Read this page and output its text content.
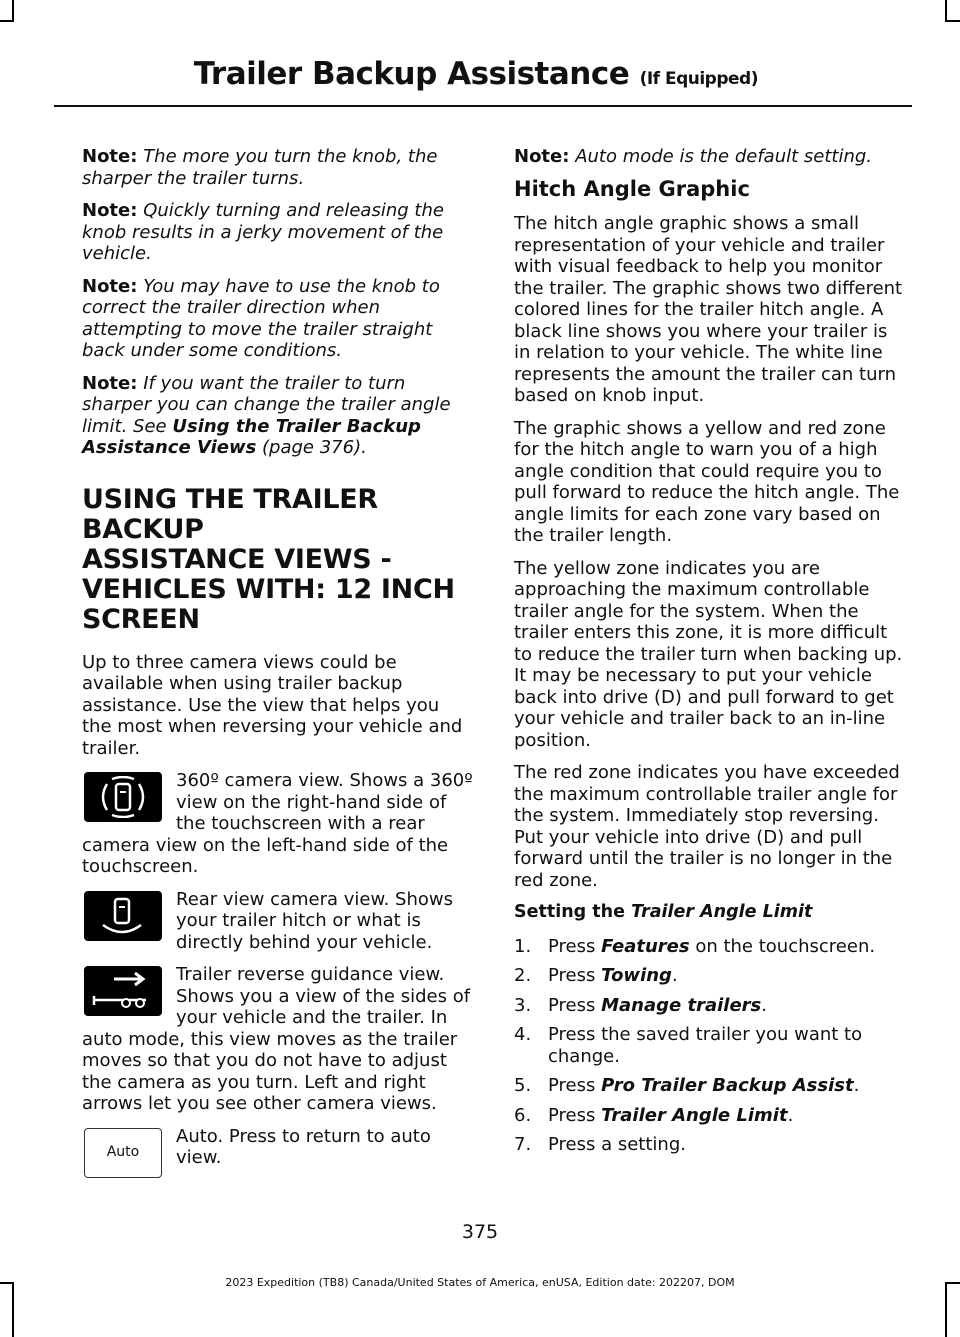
Trailer Backup Assistance (If Equipped)

Note: The more you turn the knob, the sharper the trailer turns.

Note: Quickly turning and releasing the knob results in a jerky movement of the vehicle.

Note: You may have to use the knob to correct the trailer direction when attempting to move the trailer straight back under some conditions.

Note: If you want the trailer to turn sharper you can change the trailer angle limit. See Using the Trailer Backup Assistance Views (page 376).

USING THE TRAILER BACKUP
ASSISTANCE VIEWS -
VEHICLES WITH: 12 INCH
SCREEN

Up to three camera views could be available when using trailer backup assistance. Use the view that helps you the most when reversing your vehicle and trailer.

360º camera view. Shows a 360º view on the right-hand side of the touchscreen with a rear camera view on the left-hand side of the touchscreen.
Rear view camera view. Shows your trailer hitch or what is directly behind your vehicle.
Trailer reverse guidance view. Shows you a view of the sides of your vehicle and the trailer. In auto mode, this view moves as the trailer moves so that you do not have to adjust the camera as you turn. Left and right arrows let you see other camera views.
Auto
Auto. Press to return to auto view.

Note: Auto mode is the default setting.

Hitch Angle Graphic

The hitch angle graphic shows a small representation of your vehicle and trailer with visual feedback to help you monitor the trailer. The graphic shows two different colored lines for the trailer hitch angle. A black line shows you where your trailer is in relation to your vehicle. The white line represents the amount the trailer can turn based on knob input.

The graphic shows a yellow and red zone for the hitch angle to warn you of a high angle condition that could require you to pull forward to reduce the hitch angle. The angle limits for each zone vary based on the trailer length.

The yellow zone indicates you are approaching the maximum controllable trailer angle for the system. When the trailer enters this zone, it is more difficult to reduce the trailer turn when backing up. It may be necessary to put your vehicle back into drive (D) and pull forward to get your vehicle and trailer back to an in-line position.

The red zone indicates you have exceeded the maximum controllable trailer angle for the system. Immediately stop reversing. Put your vehicle into drive (D) and pull forward until the trailer is no longer in the red zone.

Setting the Trailer Angle Limit
1. Press Features on the touchscreen.
2. Press Towing.
3. Press Manage trailers.
4. Press the saved trailer you want to change.
5. Press Pro Trailer Backup Assist.
6. Press Trailer Angle Limit.
7. Press a setting.
375
2023 Expedition (TB8) Canada/United States of America, enUSA, Edition date: 202207, DOM
